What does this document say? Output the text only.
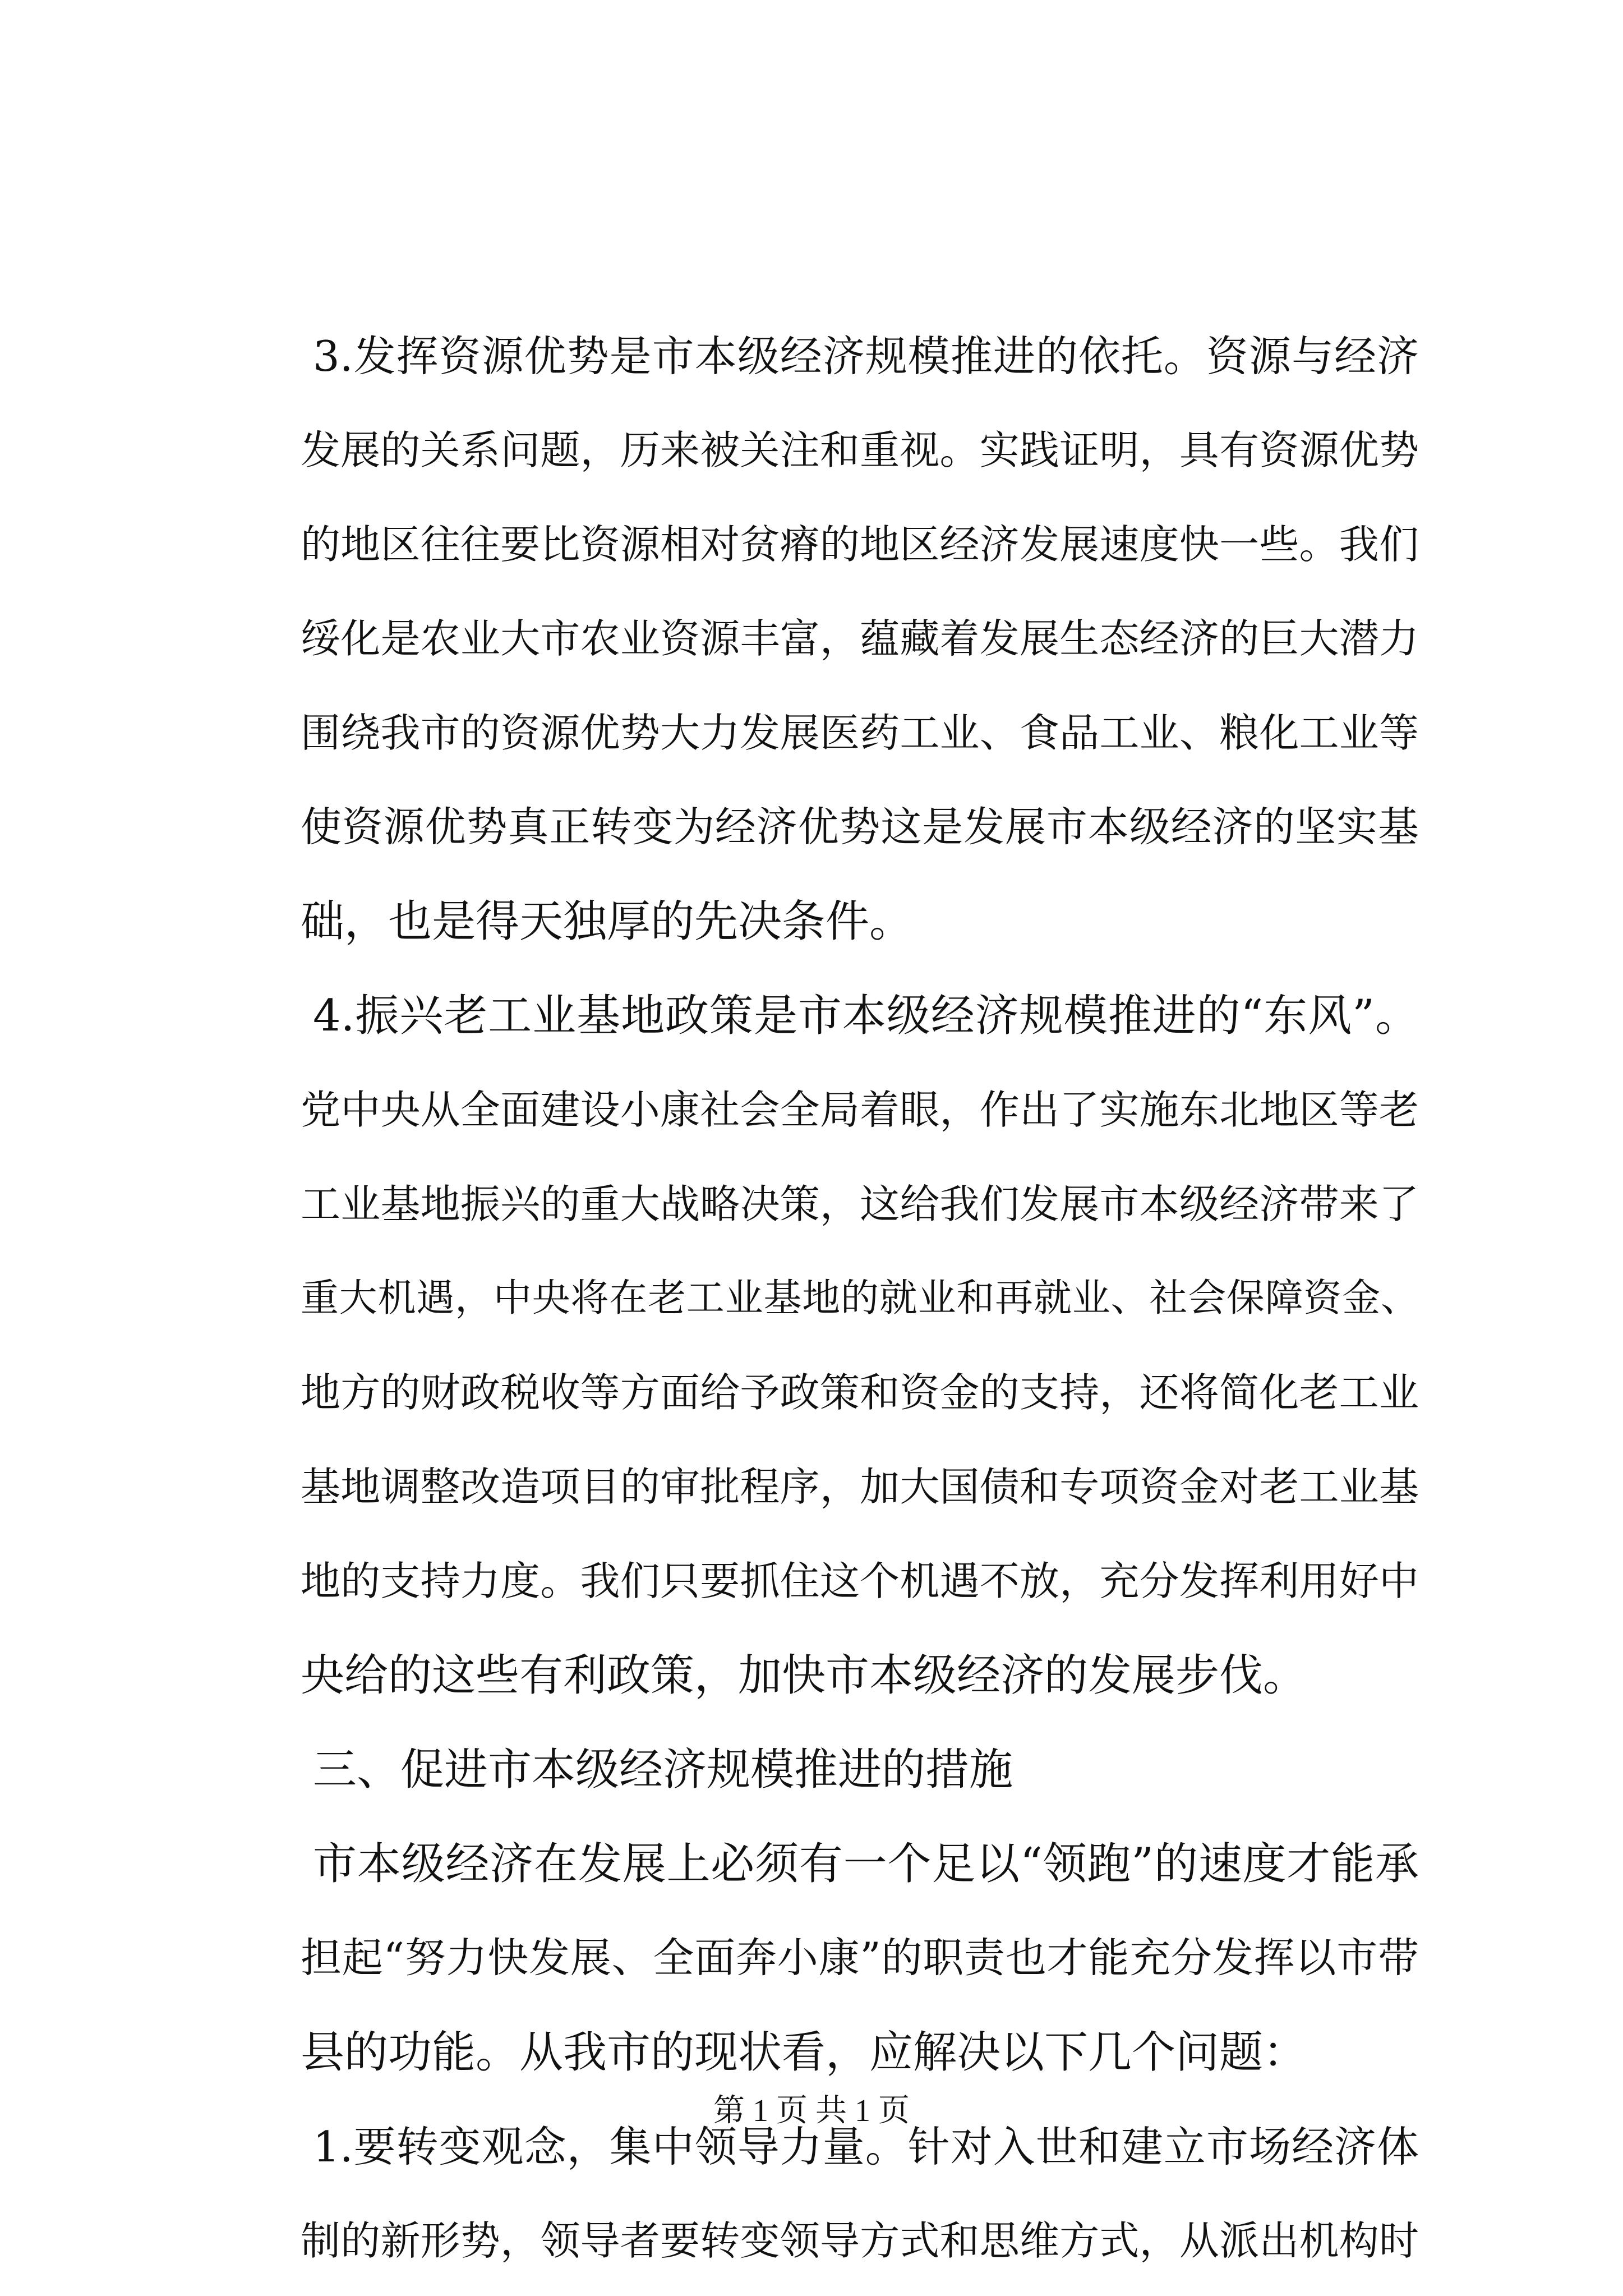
3.发挥资源优势是市本级经济规模推进的依托。资源与经济
发展的关系问题，历来被关注和重视。实践证明，具有资源优势
的地区往往要比资源相对贫瘠的地区经济发展速度快一些。我们
绥化是农业大市农业资源丰富，蕴藏着发展生态经济的巨大潜力
围绕我市的资源优势大力发展医药工业、食品工业、粮化工业等
使资源优势真正转变为经济优势这是发展市本级经济的坚实基
础，也是得天独厚的先决条件。
4.振兴老工业基地政策是市本级经济规模推进的“东风”。
党中央从全面建设小康社会全局着眼，作出了实施东北地区等老
工业基地振兴的重大战略决策，这给我们发展市本级经济带来了
重大机遇，中央将在老工业基地的就业和再就业、社会保障资金、
地方的财政税收等方面给予政策和资金的支持，还将简化老工业
基地调整改造项目的审批程序，加大国债和专项资金对老工业基
地的支持力度。我们只要抓住这个机遇不放，充分发挥利用好中
央给的这些有利政策，加快市本级经济的发展步伐。
三、促进市本级经济规模推进的措施
市本级经济在发展上必须有一个足以“领跑”的速度才能承
担起“努力快发展、全面奔小康”的职责也才能充分发挥以市带
县的功能。从我市的现状看，应解决以下几个问题：
1.要转变观念，集中领导力量。针对入世和建立市场经济体
制的新形势，领导者要转变领导方式和思维方式，从派出机构时
第 1 页 共 1 页
